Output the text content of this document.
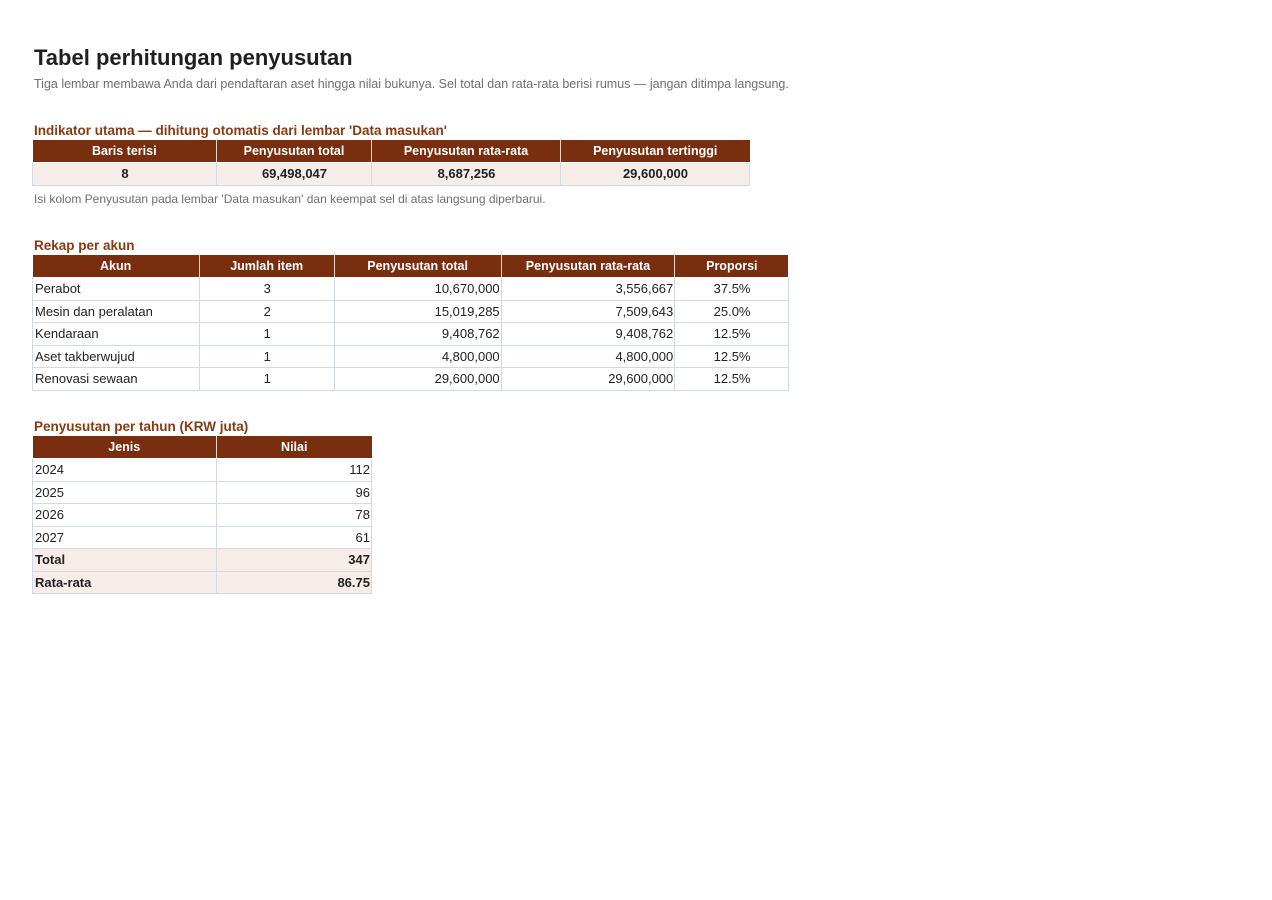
Tabel perhitungan penyusutan
Tiga lembar membawa Anda dari pendaftaran aset hingga nilai bukunya. Sel total dan rata-rata berisi rumus — jangan ditimpa langsung.
Indikator utama — dihitung otomatis dari lembar 'Data masukan'
Baris terisi	Penyusutan total	Penyusutan rata-rata	Penyusutan tertinggi
8	69,498,047	8,687,256	29,600,000
Isi kolom Penyusutan pada lembar 'Data masukan' dan keempat sel di atas langsung diperbarui.
Rekap per akun
Akun	Jumlah item	Penyusutan total	Penyusutan rata-rata	Proporsi
Perabot	3	10,670,000	3,556,667	37.5%
Mesin dan peralatan	2	15,019,285	7,509,643	25.0%
Kendaraan	1	9,408,762	9,408,762	12.5%
Aset takberwujud	1	4,800,000	4,800,000	12.5%
Renovasi sewaan	1	29,600,000	29,600,000	12.5%
Penyusutan per tahun (KRW juta)
Jenis	Nilai
2024	112
2025	96
2026	78
2027	61
Total	347
Rata-rata	86.75
